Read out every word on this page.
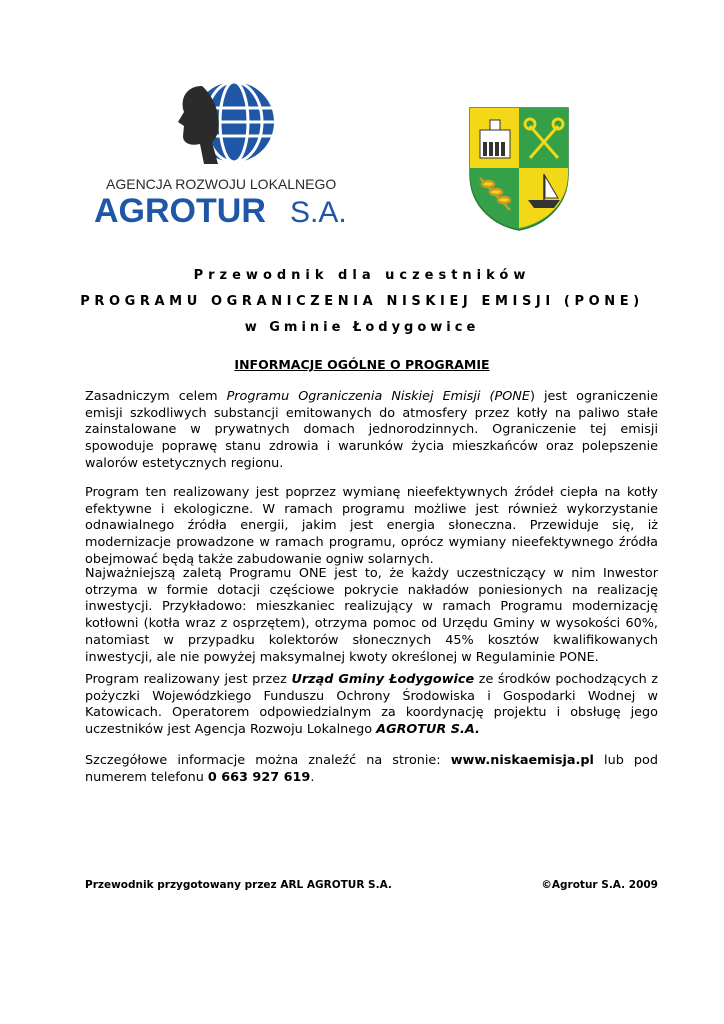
AGENCJA ROZWOJU LOKALNEGO
AGROTUR S.A.
Przewodnik dla uczestników
PROGRAMU OGRANICZENIA NISKIEJ EMISJI (PONE)
w Gminie Łodygowice
INFORMACJE OGÓLNE O PROGRAMIE

Zasadniczym celem Programu Ograniczenia Niskiej Emisji (PONE) jest ograniczenie emisji szkodliwych substancji emitowanych do atmosfery przez kotły na paliwo stałe zainstalowane w prywatnych domach jednorodzinnych. Ograniczenie tej emisji spowoduje poprawę stanu zdrowia i warunków życia mieszkańców oraz polepszenie walorów estetycznych regionu.

Program ten realizowany jest poprzez wymianę nieefektywnych źródeł ciepła na kotły efektywne i ekologiczne. W ramach programu możliwe jest również wykorzystanie odnawialnego źródła energii, jakim jest energia słoneczna. Przewiduje się, iż modernizacje prowadzone w ramach programu, oprócz wymiany nieefektywnego źródła obejmować będą także zabudowanie ogniw solarnych.

Najważniejszą zaletą Programu ONE jest to, że każdy uczestniczący w nim Inwestor otrzyma w formie dotacji częściowe pokrycie nakładów poniesionych na realizację inwestycji. Przykładowo: mieszkaniec realizujący w ramach Programu modernizację kotłowni (kotła wraz z osprzętem), otrzyma pomoc od Urzędu Gminy w wysokości 60%, natomiast w przypadku kolektorów słonecznych 45% kosztów kwalifikowanych inwestycji, ale nie powyżej maksymalnej kwoty określonej w Regulaminie PONE.

Program realizowany jest przez Urząd Gminy Łodygowice ze środków pochodzących z pożyczki Wojewódzkiego Funduszu Ochrony Środowiska i Gospodarki Wodnej w Katowicach. Operatorem odpowiedzialnym za koordynację projektu i obsługę jego uczestników jest Agencja Rozwoju Lokalnego AGROTUR S.A.

Szczegółowe informacje można znaleźć na stronie: www.niskaemisja.pl lub pod numerem telefonu 0 663 927 619.

Przewodnik przygotowany przez ARL AGROTUR S.A.	©Agrotur S.A. 2009
